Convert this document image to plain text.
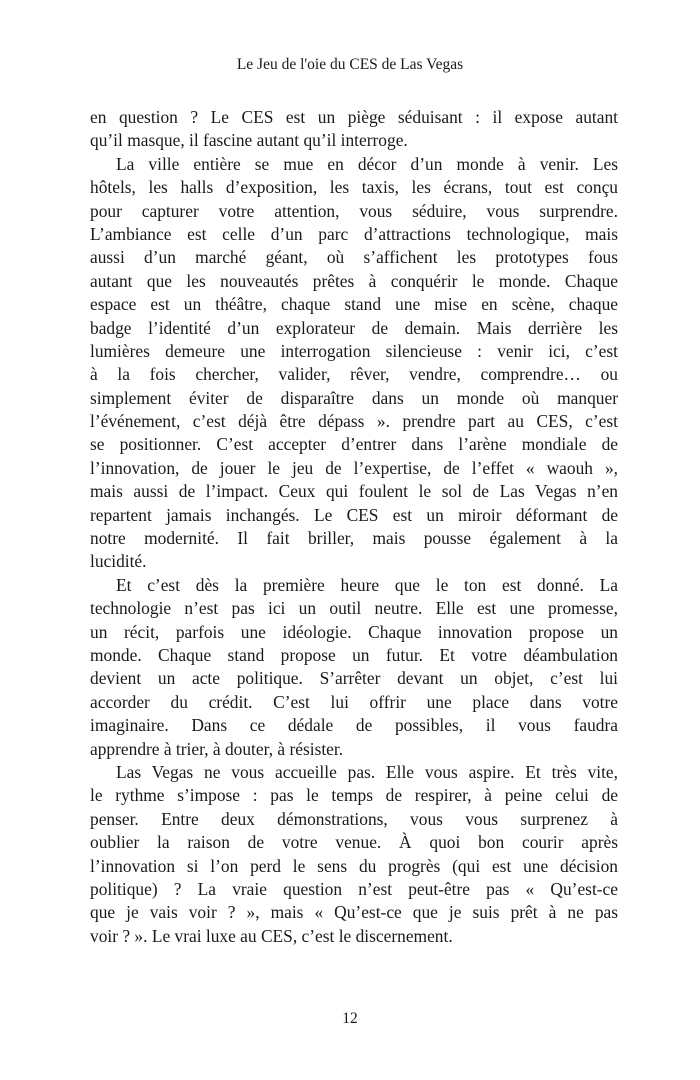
Le Jeu de l'oie du CES de Las Vegas
en question ? Le CES est un piège séduisant : il expose autant
qu’il masque, il fascine autant qu’il interroge.
La ville entière se mue en décor d’un monde à venir. Les
hôtels, les halls d’exposition, les taxis, les écrans, tout est conçu
pour capturer votre attention, vous séduire, vous surprendre.
L’ambiance est celle d’un parc d’attractions technologique, mais
aussi d’un marché géant, où s’affichent les prototypes fous
autant que les nouveautés prêtes à conquérir le monde. Chaque
espace est un théâtre, chaque stand une mise en scène, chaque
badge l’identité d’un explorateur de demain. Mais derrière les
lumières demeure une interrogation silencieuse : venir ici, c’est
à la fois chercher, valider, rêver, vendre, comprendre… ou
simplement éviter de disparaître dans un monde où manquer
l’événement, c’est déjà être dépass ». prendre part au CES, c’est
se positionner. C’est accepter d’entrer dans l’arène mondiale de
l’innovation, de jouer le jeu de l’expertise, de l’effet « waouh »,
mais aussi de l’impact. Ceux qui foulent le sol de Las Vegas n’en
repartent jamais inchangés. Le CES est un miroir déformant de
notre modernité. Il fait briller, mais pousse également à la
lucidité.
Et c’est dès la première heure que le ton est donné. La
technologie n’est pas ici un outil neutre. Elle est une promesse,
un récit, parfois une idéologie. Chaque innovation propose un
monde. Chaque stand propose un futur. Et votre déambulation
devient un acte politique. S’arrêter devant un objet, c’est lui
accorder du crédit. C’est lui offrir une place dans votre
imaginaire. Dans ce dédale de possibles, il vous faudra
apprendre à trier, à douter, à résister.
Las Vegas ne vous accueille pas. Elle vous aspire. Et très vite,
le rythme s’impose : pas le temps de respirer, à peine celui de
penser. Entre deux démonstrations, vous vous surprenez à
oublier la raison de votre venue. À quoi bon courir après
l’innovation si l’on perd le sens du progrès (qui est une décision
politique) ? La vraie question n’est peut-être pas « Qu’est-ce
que je vais voir ? », mais « Qu’est-ce que je suis prêt à ne pas
voir ? ». Le vrai luxe au CES, c’est le discernement.
12
